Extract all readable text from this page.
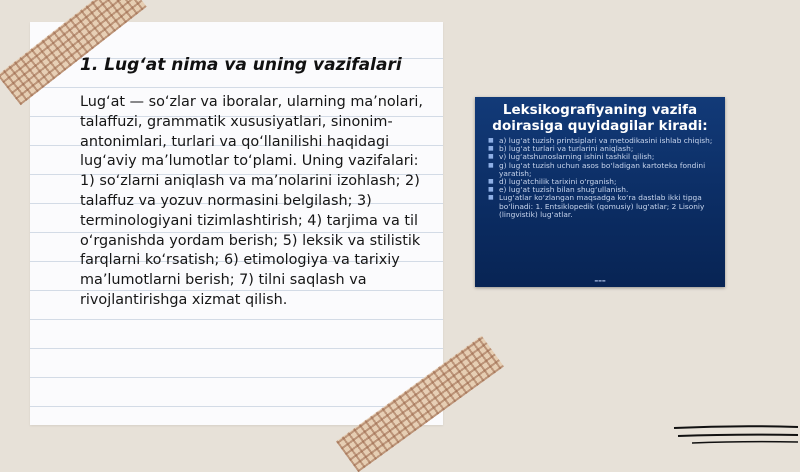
1. Lug‘at nima va uning vazifalari

Lug‘at — so‘zlar va iboralar, ularning ma’nolari, talaffuzi, grammatik xususiyatlari, sinonim-antonimlari, turlari va qo‘llanilishi haqidagi lug‘aviy ma’lumotlar to‘plami. Uning vazifalari: 1) so‘zlarni aniqlash va ma’nolarini izohlash; 2) talaffuz va yozuv normasini belgilash; 3) terminologiyani tizimlashtirish; 4) tarjima va til o‘rganishda yordam berish; 5) leksik va stilistik farqlarni ko‘rsatish; 6) etimologiya va tarixiy ma’lumotlarni berish; 7) tilni saqlash va rivojlantirishga xizmat qilish.

Leksikografiyaning vazifa doirasiga quyidagilar kiradi:
■ a) lug‘at tuzish printsiplari va metodikasini ishlab chiqish;
■ b) lug‘at turlari va turlarini aniqlash;
■ v) lug‘atshunoslarning ishini tashkil qilish;
■ g) lug‘at tuzish uchun asos bo‘ladigan kartoteka fondini yaratish;
■ d) lug‘atchilik tarixini o‘rganish;
■ e) lug‘at tuzish bilan shug‘ullanish.
■ Lug‘atlar ko‘zlangan maqsadga ko‘ra dastlab ikki tipga bo‘linadi: 1. Entsiklopedik (qomusiy) lug‘atlar; 2 Lisoniy (lingvistik) lug‘atlar.
▬▬▬
